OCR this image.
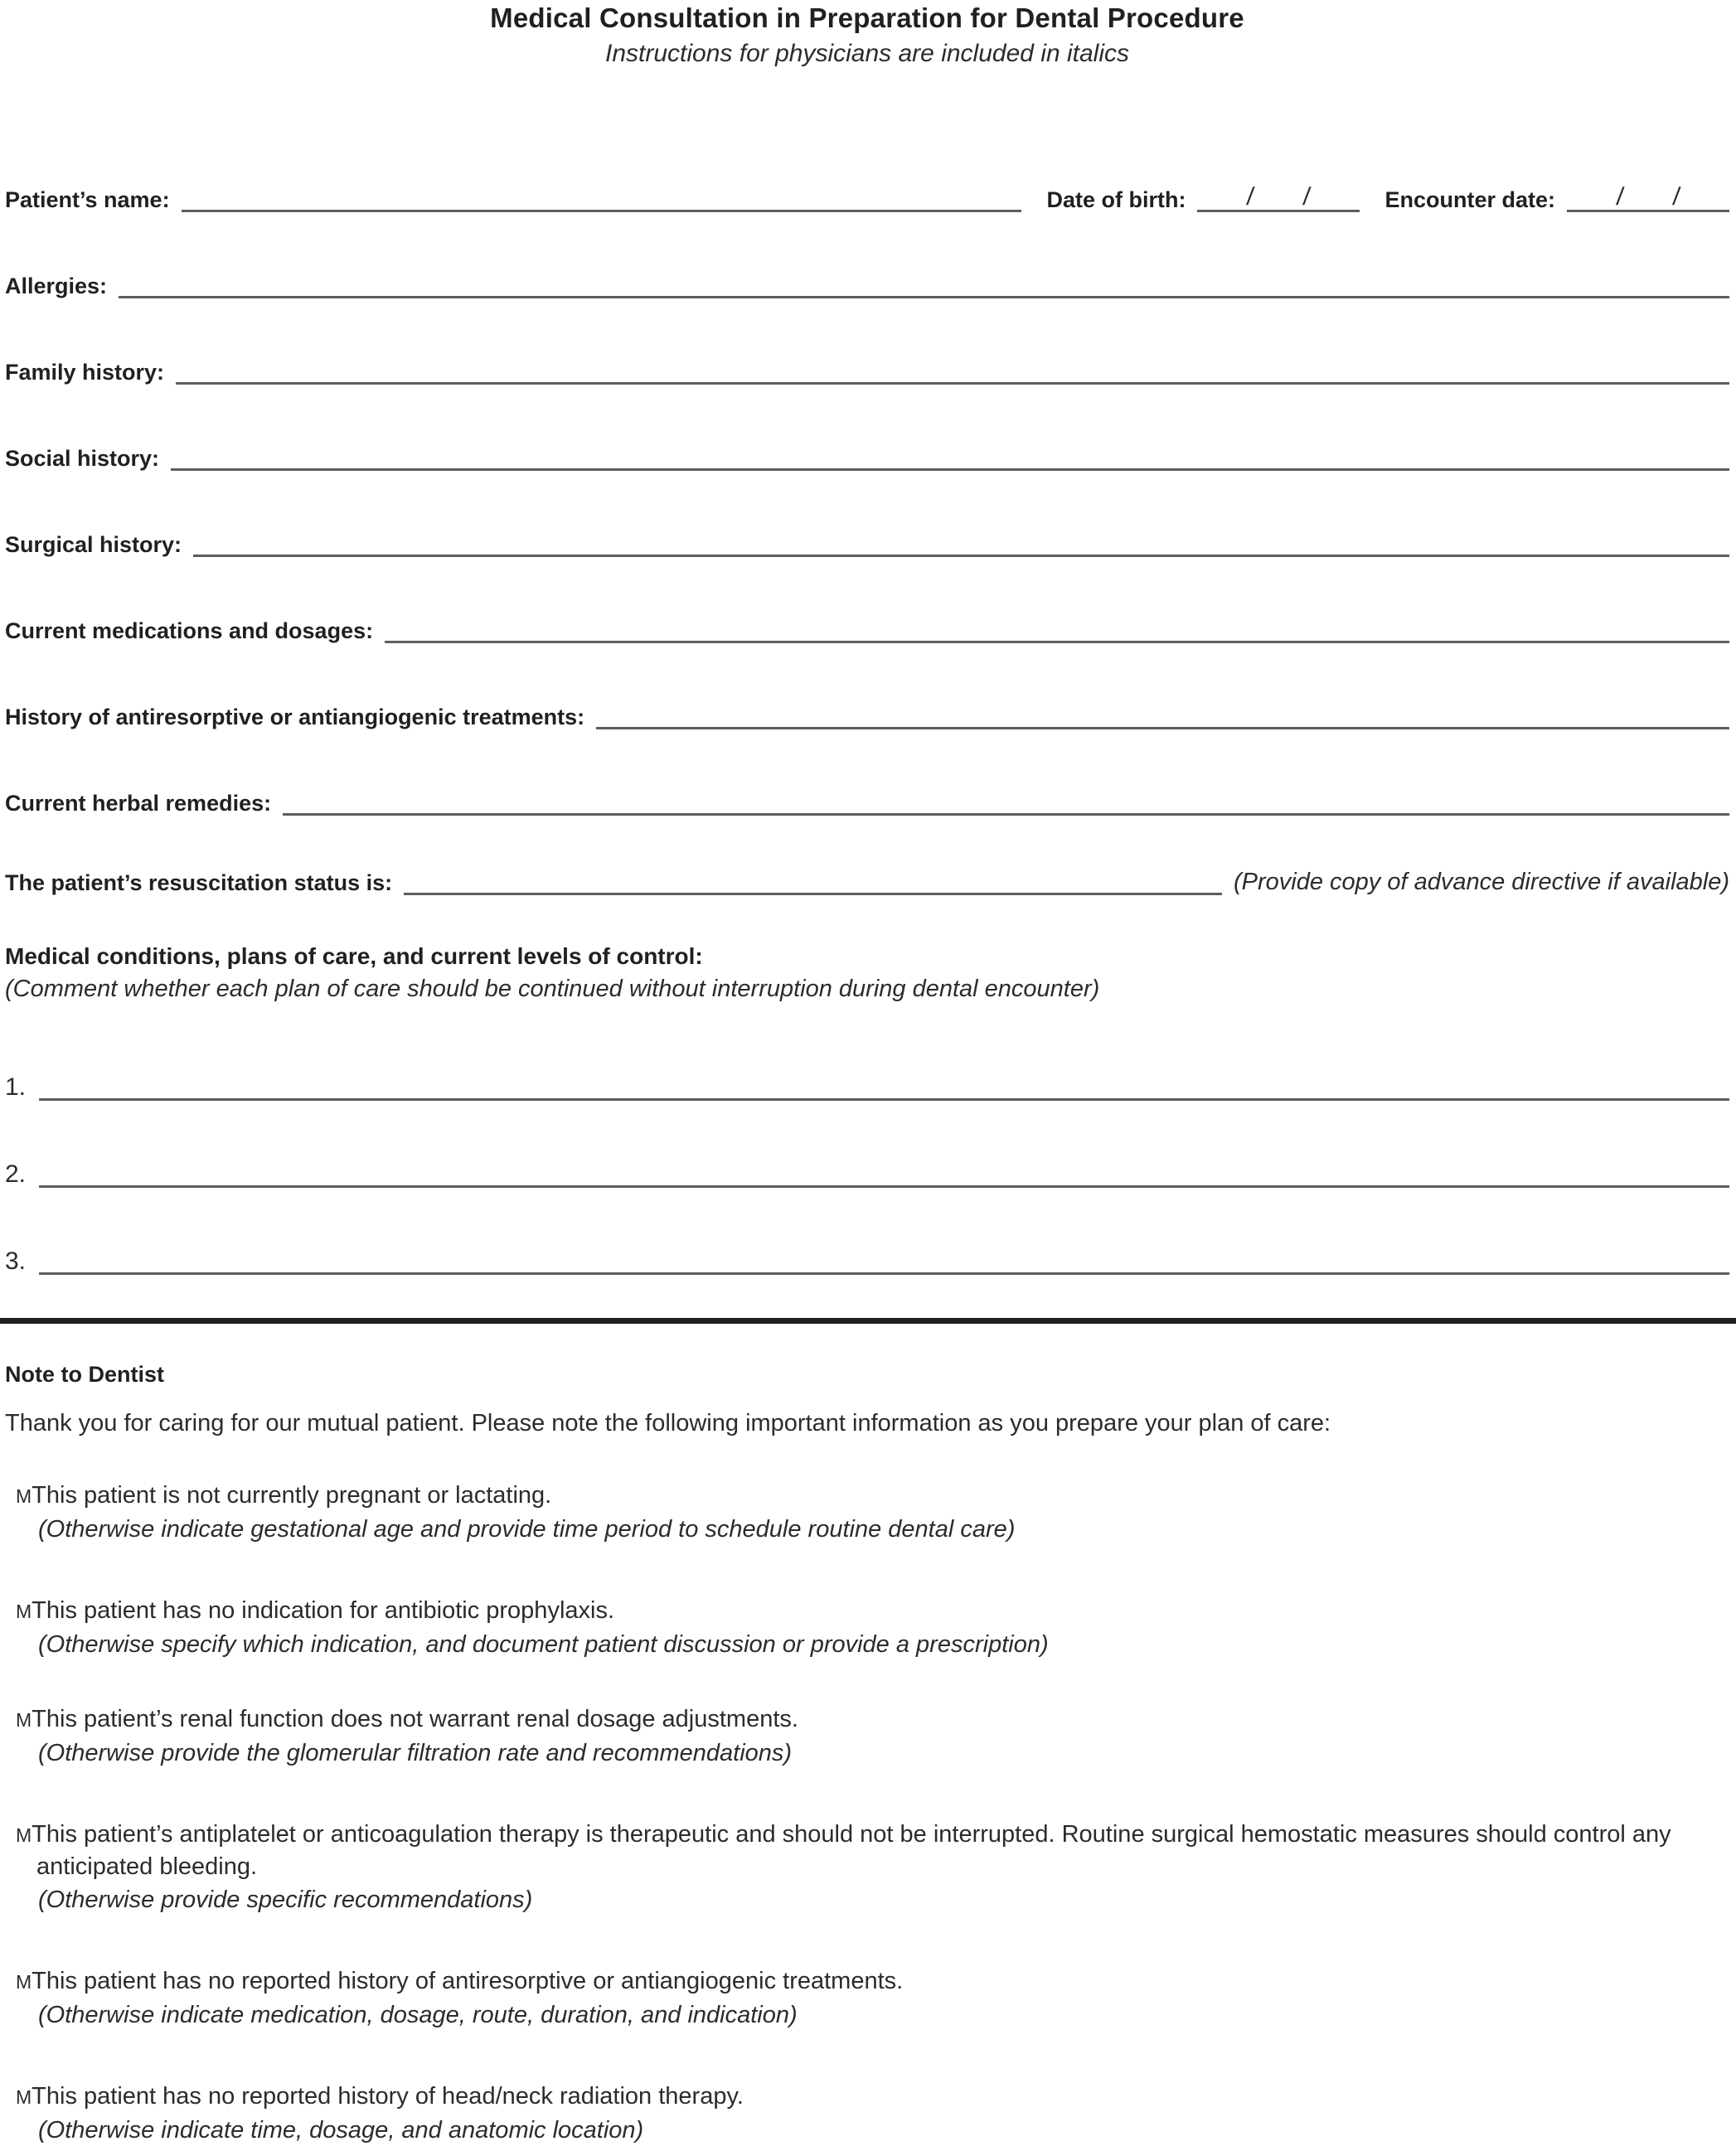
Medical Consultation in Preparation for Dental Procedure
Instructions for physicians are included in italics
Patient’s name:	Date of birth:	/ /	Encounter date:	/ /
Allergies:
Family history:
Social history:
Surgical history:
Current medications and dosages:
History of antiresorptive or antiangiogenic treatments:
Current herbal remedies:
The patient’s resuscitation status is:	(Provide copy of advance directive if available)
Medical conditions, plans of care, and current levels of control:
(Comment whether each plan of care should be continued without interruption during dental encounter)
1.
2.
3.
Note to Dentist
Thank you for caring for our mutual patient. Please note the following important information as you prepare your plan of care:
MThis patient is not currently pregnant or lactating.
(Otherwise indicate gestational age and provide time period to schedule routine dental care)
MThis patient has no indication for antibiotic prophylaxis.
(Otherwise specify which indication, and document patient discussion or provide a prescription)
MThis patient’s renal function does not warrant renal dosage adjustments.
(Otherwise provide the glomerular filtration rate and recommendations)
MThis patient’s antiplatelet or anticoagulation therapy is therapeutic and should not be interrupted. Routine surgical hemostatic measures should control any anticipated bleeding.
(Otherwise provide specific recommendations)
MThis patient has no reported history of antiresorptive or antiangiogenic treatments.
(Otherwise indicate medication, dosage, route, duration, and indication)
MThis patient has no reported history of head/neck radiation therapy.
(Otherwise indicate time, dosage, and anatomic location)
